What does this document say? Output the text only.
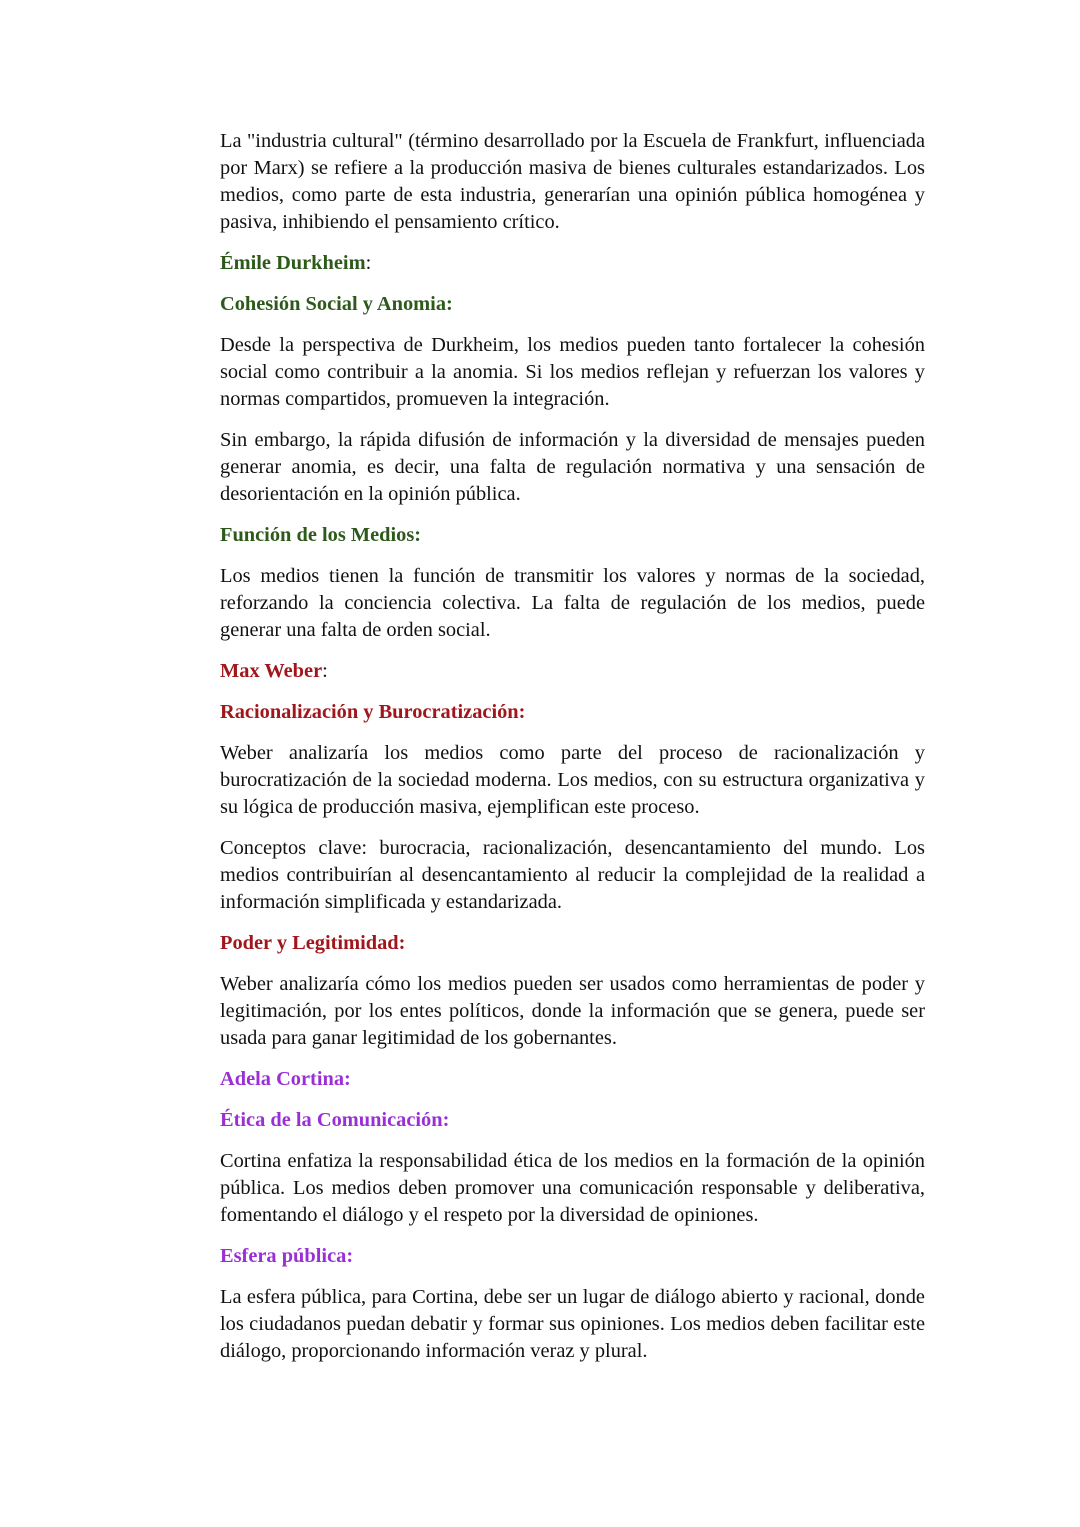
La "industria cultural" (término desarrollado por la Escuela de Frankfurt, influenciada por Marx) se refiere a la producción masiva de bienes culturales estandarizados. Los medios, como parte de esta industria, generarían una opinión pública homogénea y pasiva, inhibiendo el pensamiento crítico.

Émile Durkheim:

Cohesión Social y Anomia:

Desde la perspectiva de Durkheim, los medios pueden tanto fortalecer la cohesión social como contribuir a la anomia. Si los medios reflejan y refuerzan los valores y normas compartidos, promueven la integración.

Sin embargo, la rápida difusión de información y la diversidad de mensajes pueden generar anomia, es decir, una falta de regulación normativa y una sensación de desorientación en la opinión pública.

Función de los Medios:

Los medios tienen la función de transmitir los valores y normas de la sociedad, reforzando la conciencia colectiva. La falta de regulación de los medios, puede generar una falta de orden social.

Max Weber:

Racionalización y Burocratización:

Weber analizaría los medios como parte del proceso de racionalización y burocratización de la sociedad moderna. Los medios, con su estructura organizativa y su lógica de producción masiva, ejemplifican este proceso.

Conceptos clave: burocracia, racionalización, desencantamiento del mundo. Los medios contribuirían al desencantamiento al reducir la complejidad de la realidad a información simplificada y estandarizada.

Poder y Legitimidad:

Weber analizaría cómo los medios pueden ser usados como herramientas de poder y legitimación, por los entes políticos, donde la información que se genera, puede ser usada para ganar legitimidad de los gobernantes.

Adela Cortina:

Ética de la Comunicación:

Cortina enfatiza la responsabilidad ética de los medios en la formación de la opinión pública. Los medios deben promover una comunicación responsable y deliberativa, fomentando el diálogo y el respeto por la diversidad de opiniones.

Esfera pública:

La esfera pública, para Cortina, debe ser un lugar de diálogo abierto y racional, donde los ciudadanos puedan debatir y formar sus opiniones. Los medios deben facilitar este diálogo, proporcionando información veraz y plural.
